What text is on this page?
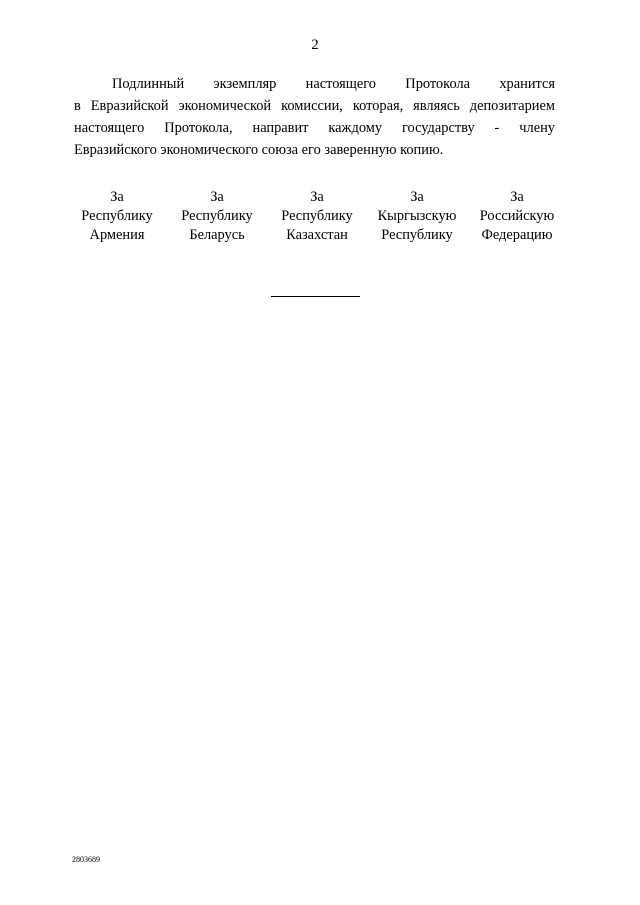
2
Подлинный экземпляр настоящего Протокола хранится
в Евразийской экономической комиссии, которая, являясь депозитарием
настоящего Протокола, направит каждому государству - члену
Евразийского экономического союза его заверенную копию.
За
Республику
Армения
За
Республику
Беларусь
За
Республику
Казахстан
За
Кыргызскую
Республику
За
Российскую
Федерацию
2803689
